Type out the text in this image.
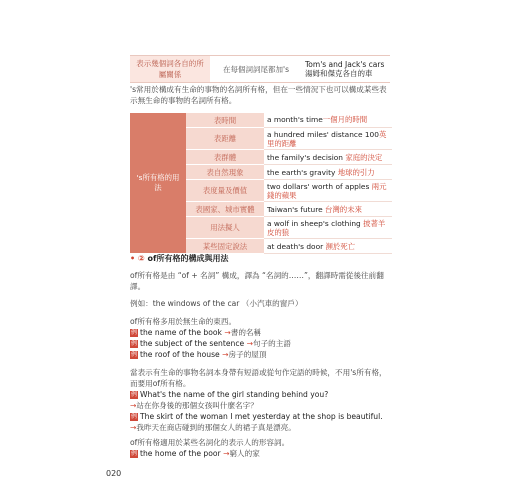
表示幾個詞各自的所屬關係	在每個詞詞尾都加's	
Tom's and Jack's cars
湯姆和傑克各自的車
's常用於構成有生命的事物的名詞所有格，但在一些情況下也可以構成某些表示無生命的事物的名詞所有格。
's所有格的用法	表時間	a month's time一個月的時間
	表距離	a hundred miles' distance 100英里的距離
	表群體	the family's decision 家庭的決定
	表自然現象	the earth's gravity 地球的引力
	表度量及價值	two dollars' worth of apples 兩元錢的蘋果
	表國家、城市實體	Taiwan's future 台灣的未來
	用法擬人	a wolf in sheep's clothing 披著羊皮的狼
	某些固定說法	at death's door 瀕於死亡
• ② of所有格的構成與用法
of所有格是由 “of + 名詞” 構成，譯為 “名詞的……”，翻譯時需從後往前翻譯。
例如：the windows of the car （小汽車的窗戶）
of所有格多用於無生命的東西。
例 the name of the book →書的名稱
例 the subject of the sentence →句子的主語
例 the roof of the house →房子的屋頂
當表示有生命的事物名詞本身帶有短語或從句作定語的時候，不用's所有格，而要用of所有格。
例 What's the name of the girl standing behind you?
→站在你身後的那個女孩叫什麼名字？
例 The skirt of the woman I met yesterday at the shop is beautiful.
→我昨天在商店碰到的那個女人的裙子真是漂亮。
of所有格適用於某些名詞化的表示人的形容詞。
例 the home of the poor →窮人的家
020
